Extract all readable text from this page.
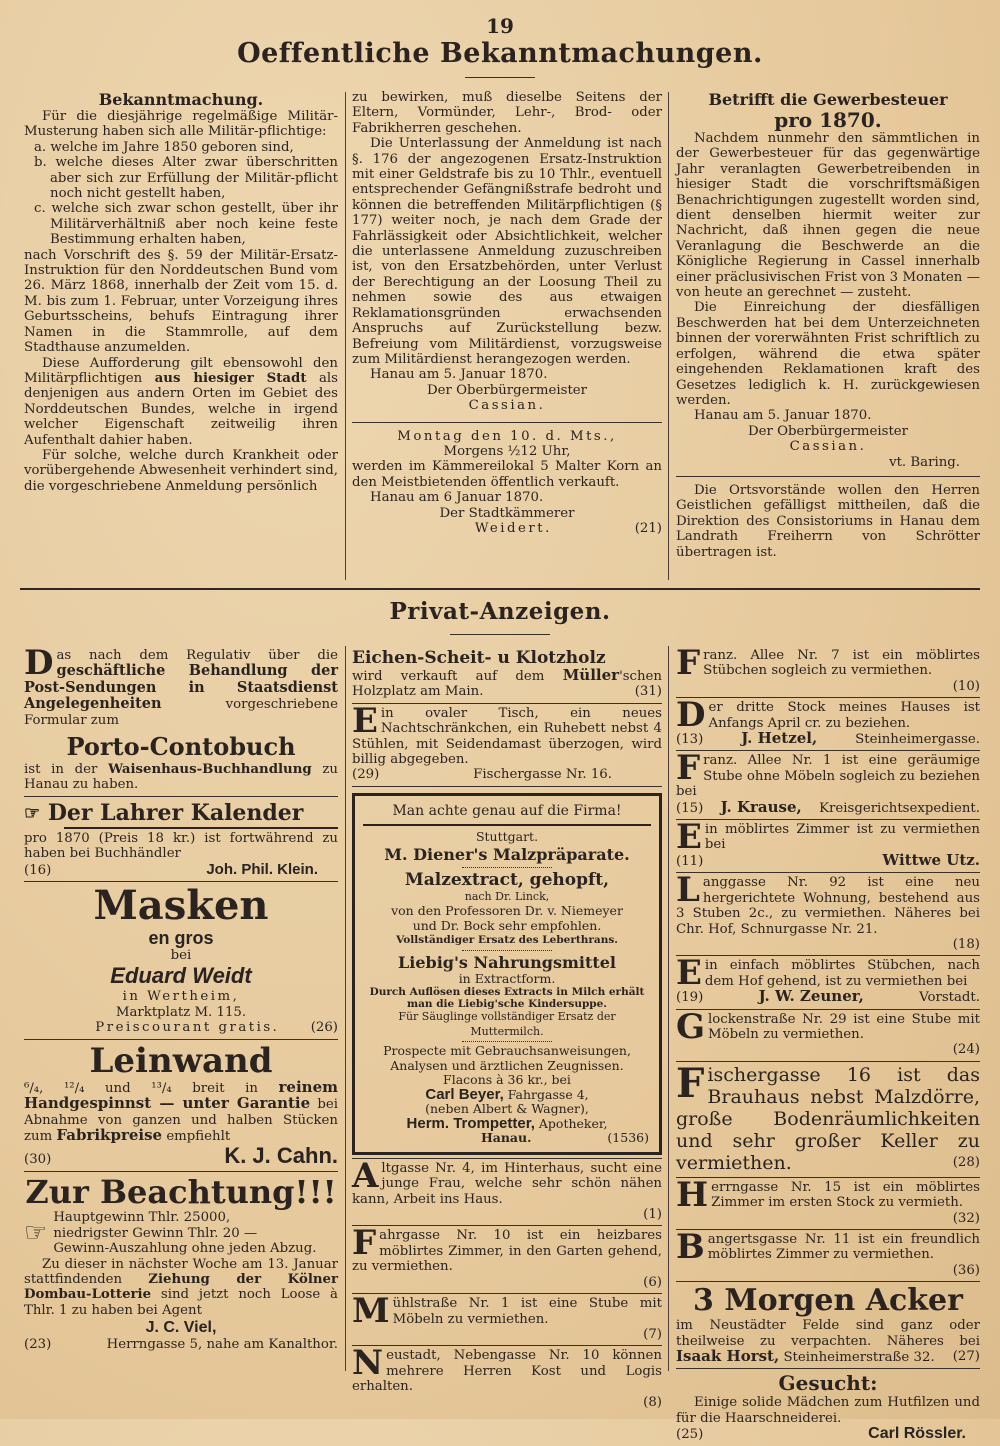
19
Oeffentliche Bekanntmachungen.

Bekanntmachung.

Für die diesjährige regelmäßige Militär-Musterung haben sich alle Militär-pflichtige:

a. welche im Jahre 1850 geboren sind,

b. welche dieses Alter zwar überschritten aber sich zur Erfüllung der Militär-pflicht noch nicht gestellt haben,

c. welche sich zwar schon gestellt, über ihr Militärverhältniß aber noch keine feste Bestimmung erhalten haben,

nach Vorschrift des §. 59 der Militär-Ersatz-Instruktion für den Norddeutschen Bund vom 26. März 1868, innerhalb der Zeit vom 15. d. M. bis zum 1. Februar, unter Vorzeigung ihres Geburtsscheins, behufs Eintragung ihrer Namen in die Stammrolle, auf dem Stadthause anzumelden.

Diese Aufforderung gilt ebensowohl den Militärpflichtigen aus hiesiger Stadt als denjenigen aus andern Orten im Gebiet des Norddeutschen Bundes, welche in irgend welcher Eigenschaft zeitweilig ihren Aufenthalt dahier haben.

Für solche, welche durch Krankheit oder vorübergehende Abwesenheit verhindert sind, die vorgeschriebene Anmeldung persönlich

zu bewirken, muß dieselbe Seitens der Eltern, Vormünder, Lehr-, Brod- oder Fabrikherren geschehen.

Die Unterlassung der Anmeldung ist nach §. 176 der angezogenen Ersatz-Instruktion mit einer Geldstrafe bis zu 10 Thlr., eventuell entsprechender Gefängnißstrafe bedroht und können die betreffenden Militärpflichtigen (§ 177) weiter noch, je nach dem Grade der Fahrlässigkeit oder Absichtlichkeit, welcher die unterlassene Anmeldung zuzuschreiben ist, von den Ersatzbehörden, unter Verlust der Berechtigung an der Loosung Theil zu nehmen sowie des aus etwaigen Reklamationsgründen erwachsenden Anspruchs auf Zurückstellung bezw. Befreiung vom Militärdienst, vorzugsweise zum Militärdienst herangezogen werden.

Hanau am 5. Januar 1870.

Der Oberbürgermeister

Cassian.

Montag den 10. d. Mts.,

Morgens ½12 Uhr,

werden im Kämmereilokal 5 Malter Korn an den Meistbietenden öffentlich verkauft.

Hanau am 6 Januar 1870.

Der Stadtkämmerer

Weidert.	(21)

Betrifft die Gewerbesteuer

pro 1870.

Nachdem nunmehr den sämmtlichen in der Gewerbesteuer für das gegenwärtige Jahr veranlagten Gewerbetreibenden in hiesiger Stadt die vorschriftsmäßigen Benachrichtigungen zugestellt worden sind, dient denselben hiermit weiter zur Nachricht, daß ihnen gegen die neue Veranlagung die Beschwerde an die Königliche Regierung in Cassel innerhalb einer präclusivischen Frist von 3 Monaten — von heute an gerechnet — zusteht.

Die Einreichung der diesfälligen Beschwerden hat bei dem Unterzeichneten binnen der vorerwähnten Frist schriftlich zu erfolgen, während die etwa später eingehenden Reklamationen kraft des Gesetzes lediglich k. H. zurückgewiesen werden.

Hanau am 5. Januar 1870.

Der Oberbürgermeister

Cassian.

vt. Baring.

Die Ortsvorstände wollen den Herren Geistlichen gefälligst mittheilen, daß die Direktion des Consistoriums in Hanau dem Landrath Freiherrn von Schrötter übertragen ist.

Privat-Anzeigen.

Das nach dem Regulativ über die geschäftliche Behandlung der Post-Sendungen in Staatsdienst Angelegenheiten	vorgeschriebene Formular zum

Porto-Contobuch

ist in der Waisenhaus-Buchhandlung zu Hanau zu haben.

☞ Der Lahrer Kalender

pro 1870 (Preis 18 kr.) ist fortwährend zu haben bei Buchhändler

(16)	Joh. Phil. Klein.

Masken

en gros

bei

Eduard Weidt

in Wertheim,

Marktplatz M. 115.

Preiscourant gratis. (26)

Leinwand

⁶/₄, ¹²/₄ und ¹³/₄ breit in reinem Handgespinnst — unter Garantie bei Abnahme von ganzen und halben Stücken zum Fabrikpreise empfiehlt

(30)	K. J. Cahn.

Zur Beachtung!!!

☞

Hauptgewinn Thlr. 25000,

niedrigster Gewinn Thlr. 20 —

Gewinn-Auszahlung ohne jeden Abzug.

Zu dieser in nächster Woche am 13. Januar stattfindenden Ziehung der Kölner Dombau-Lotterie sind jetzt noch Loose à Thlr. 1 zu haben bei Agent

J. C. Viel,

(23)	Herrngasse 5, nahe am Kanalthor.

Eichen-Scheit- u Klotzholz

wird verkauft auf dem Müller'schen Holzplatz am Main.	(31)

Ein ovaler Tisch, ein neues Nachtschränkchen, ein Ruhebett nebst 4 Stühlen, mit Seidendamast überzogen, wird billig abgegeben.

(29)	Fischergasse Nr. 16.

Man achte genau auf die Firma!

Stuttgart.

M. Diener's Malzpräparate.

Malzextract, gehopft,

nach Dr. Linck,

von den Professoren Dr. v. Niemeyer

und Dr. Bock sehr empfohlen.

Vollständiger Ersatz des Leberthrans.

Liebig's Nahrungsmittel

in Extractform.

Durch Auflösen dieses Extracts in Milch erhält

man die Liebig'sche Kindersuppe.

Für Säuglinge vollständiger Ersatz der Muttermilch.

Prospecte mit Gebrauchsanweisungen,

Analysen und ärztlichen Zeugnissen.

Flacons à 36 kr., bei

Carl Beyer, Fahrgasse 4,

(neben Albert & Wagner),

Herm. Trompetter, Apotheker,

Hanau.	(1536)

Altgasse Nr. 4, im Hinterhaus, sucht eine junge Frau, welche sehr schön nähen kann, Arbeit ins Haus.

(1)

Fahrgasse Nr. 10 ist ein heizbares möblirtes Zimmer, in den Garten gehend, zu vermiethen.

(6)

Mühlstraße Nr. 1 ist eine Stube mit Möbeln zu vermiethen.

(7)

Neustadt, Nebengasse Nr. 10 können mehrere Herren Kost und Logis erhalten.

(8)

Franz. Allee Nr. 7 ist ein möblirtes Stübchen sogleich zu vermiethen.

(10)

Der dritte Stock meines Hauses ist Anfangs April cr. zu beziehen.

(13)	J. Hetzel,	Steinheimergasse.

Franz. Allee Nr. 1 ist eine geräumige Stube ohne Möbeln sogleich zu beziehen bei

(15) J. Krause, Kreisgerichtsexpedient.

Ein möblirtes Zimmer ist zu vermiethen bei

(11)	Wittwe Utz.

Langgasse Nr. 92 ist eine neu hergerichtete Wohnung, bestehend aus 3 Stuben 2c., zu vermiethen. Näheres bei Chr. Hof, Schnurgasse Nr. 21.

(18)

Ein einfach möblirtes Stübchen, nach dem Hof gehend, ist zu vermiethen bei

(19)	J. W. Zeuner,	Vorstadt.

Glockenstraße Nr. 29 ist eine Stube mit Möbeln zu vermiethen.

(24)

Fischergasse 16 ist das Brauhaus nebst Malzdörre, große Bodenräumlichkeiten und sehr großer Keller zu vermiethen.	(28)

Herrngasse Nr. 15 ist ein möblirtes Zimmer im ersten Stock zu vermieth.

(32)

Bangertsgasse Nr. 11 ist ein freundlich möblirtes Zimmer zu vermiethen.

(36)

3 Morgen Acker

im Neustädter Felde sind ganz oder theilweise zu verpachten. Näheres bei Isaak Horst, Steinheimerstraße 32. (27)

Gesucht:

Einige solide Mädchen zum Hutfilzen und für die Haarschneiderei.

(25)	Carl Rössler.
